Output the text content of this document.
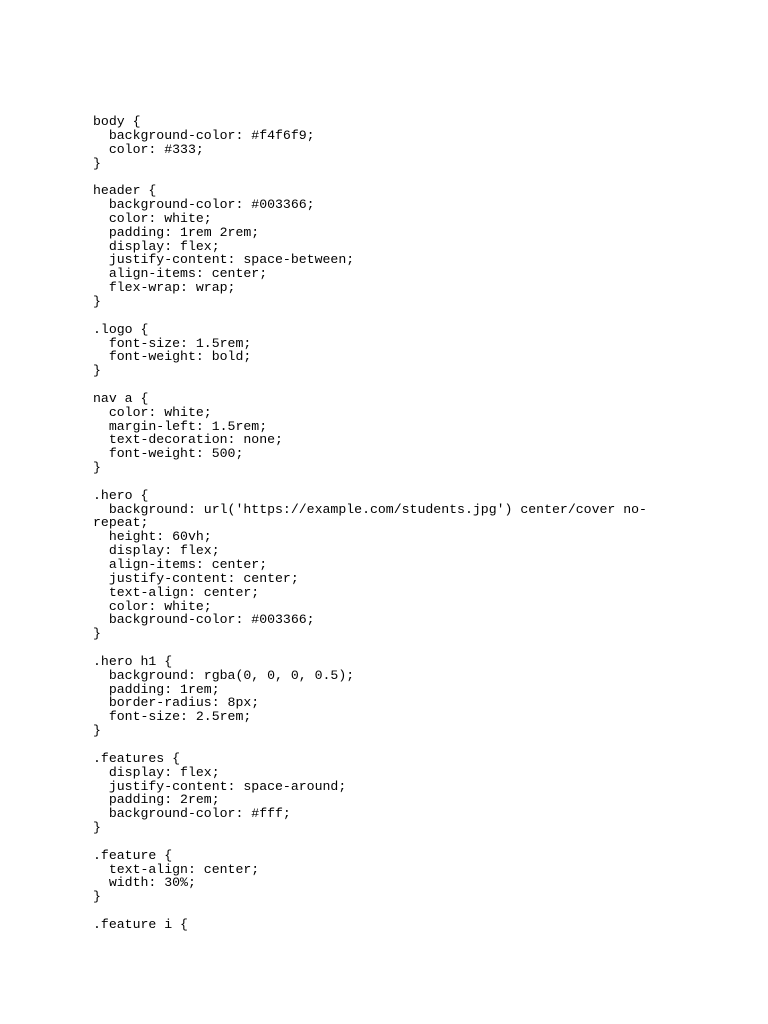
body {
background-color: #f4f6f9;
color: #333;
}
header {
background-color: #003366;
color: white;
padding: 1rem 2rem;
display: flex;
justify-content: space-between;
align-items: center;
flex-wrap: wrap;
}
.logo {
font-size: 1.5rem;
font-weight: bold;
}
nav a {
color: white;
margin-left: 1.5rem;
text-decoration: none;
font-weight: 500;
}
.hero {
background: url('https://example.com/students.jpg') center/cover no-
repeat;
height: 60vh;
display: flex;
align-items: center;
justify-content: center;
text-align: center;
color: white;
background-color: #003366;
}
.hero h1 {
background: rgba(0, 0, 0, 0.5);
padding: 1rem;
border-radius: 8px;
font-size: 2.5rem;
}
.features {
display: flex;
justify-content: space-around;
padding: 2rem;
background-color: #fff;
}
.feature {
text-align: center;
width: 30%;
}
.feature i {
